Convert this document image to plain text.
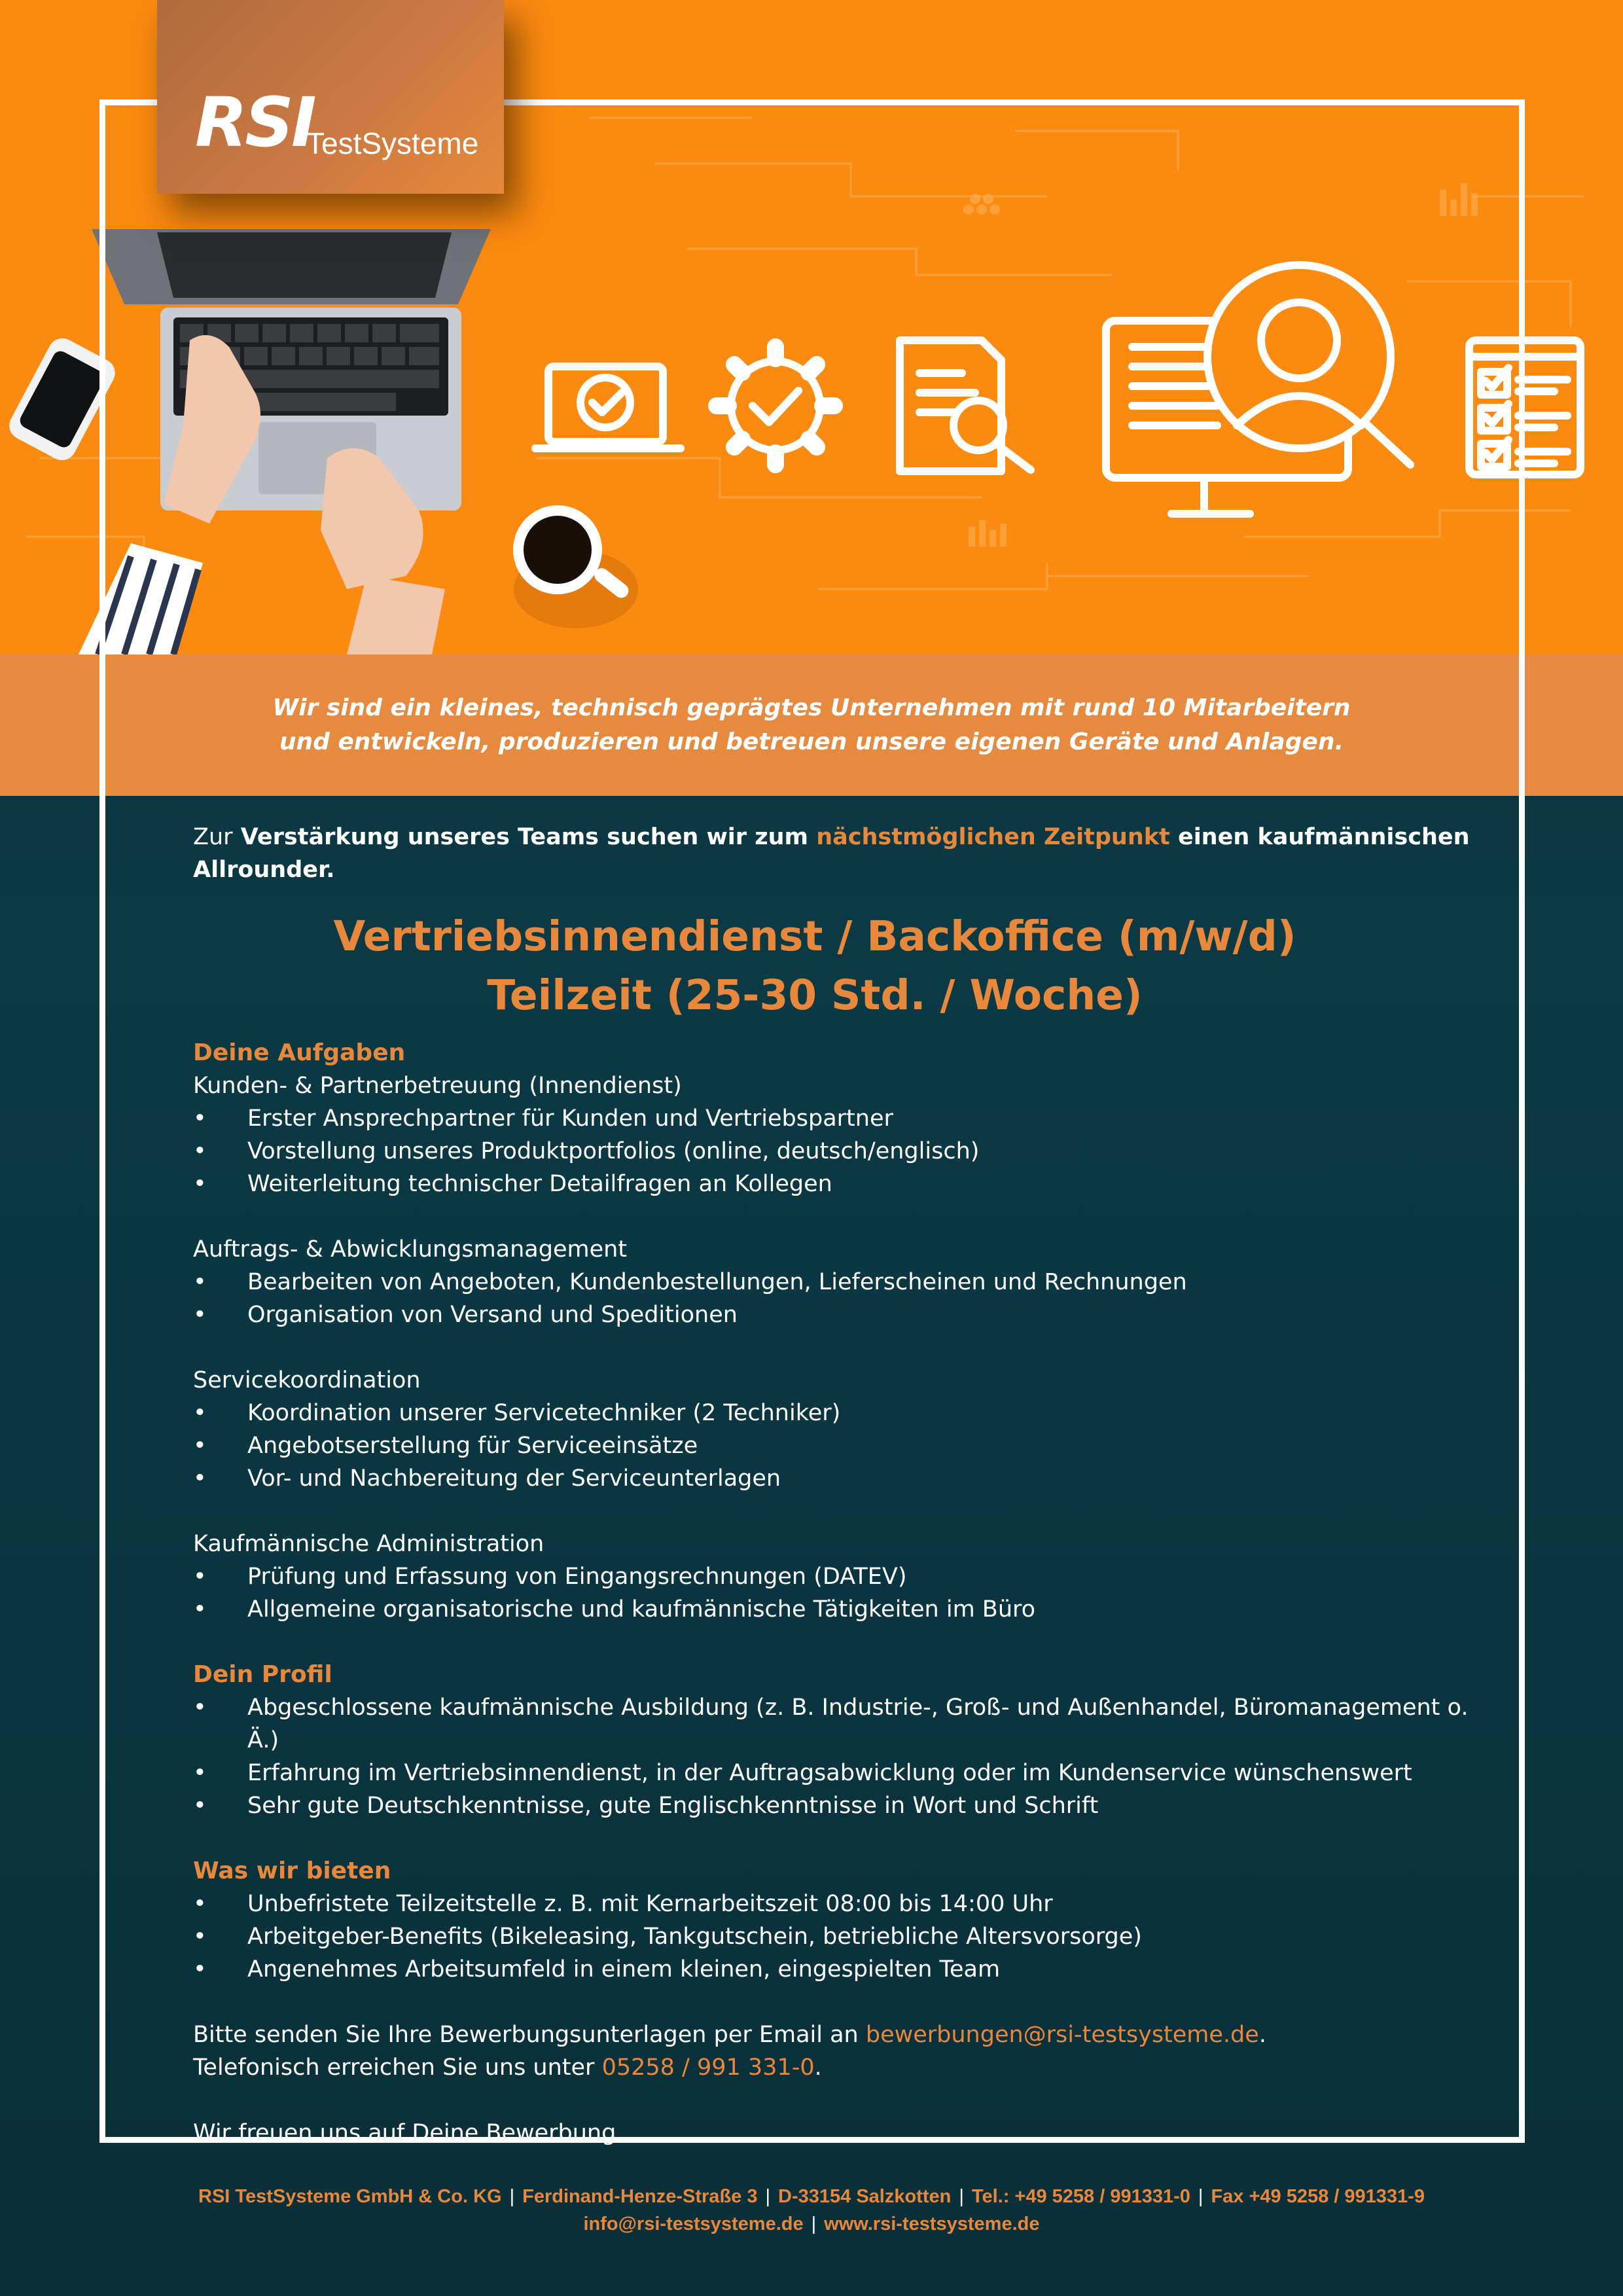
RSI
TestSysteme

Wir sind ein kleines, technisch geprägtes Unternehmen mit rund 10 Mitarbeitern

und entwickeln, produzieren und betreuen unsere eigenen Geräte und Anlagen.

Zur Verstärkung unseres Teams suchen wir zum nächstmöglichen Zeitpunkt einen kaufmännischen Allrounder.

Vertriebsinnendienst / Backoffice (m/w/d)
Teilzeit (25-30 Std. / Woche)
Deine Aufgaben
Kunden- & Partnerbetreuung (Innendienst)
•	Erster Ansprechpartner für Kunden und Vertriebspartner
•	Vorstellung unseres Produktportfolios (online, deutsch/englisch)
•	Weiterleitung technischer Detailfragen an Kollegen
Auftrags- & Abwicklungsmanagement
•	Bearbeiten von Angeboten, Kundenbestellungen, Lieferscheinen und Rechnungen
•	Organisation von Versand und Speditionen
Servicekoordination
•	Koordination unserer Servicetechniker (2 Techniker)
•	Angebotserstellung für Serviceeinsätze
•	Vor- und Nachbereitung der Serviceunterlagen
Kaufmännische Administration
•	Prüfung und Erfassung von Eingangsrechnungen (DATEV)
•	Allgemeine organisatorische und kaufmännische Tätigkeiten im Büro
Dein Profil
•	Abgeschlossene kaufmännische Ausbildung (z. B. Industrie-, Groß- und Außenhandel, Büromanagement o. Ä.)
•	Erfahrung im Vertriebsinnendienst, in der Auftragsabwicklung oder im Kundenservice wünschenswert
•	Sehr gute Deutschkenntnisse, gute Englischkenntnisse in Wort und Schrift
Was wir bieten
•	Unbefristete Teilzeitstelle z. B. mit Kernarbeitszeit 08:00 bis 14:00 Uhr
•	Arbeitgeber-Benefits (Bikeleasing, Tankgutschein, betriebliche Altersvorsorge)
•	Angenehmes Arbeitsumfeld in einem kleinen, eingespielten Team
Bitte senden Sie Ihre Bewerbungsunterlagen per Email an bewerbungen@rsi-testsysteme.de.
Telefonisch erreichen Sie uns unter 05258 / 991 331-0.
Wir freuen uns auf Deine Bewerbung.
RSI TestSysteme GmbH & Co. KG | Ferdinand-Henze-Straße 3 | D-33154 Salzkotten | Tel.: +49 5258 / 991331-0 | Fax +49 5258 / 991331-9
info@rsi-testsysteme.de | www.rsi-testsysteme.de
